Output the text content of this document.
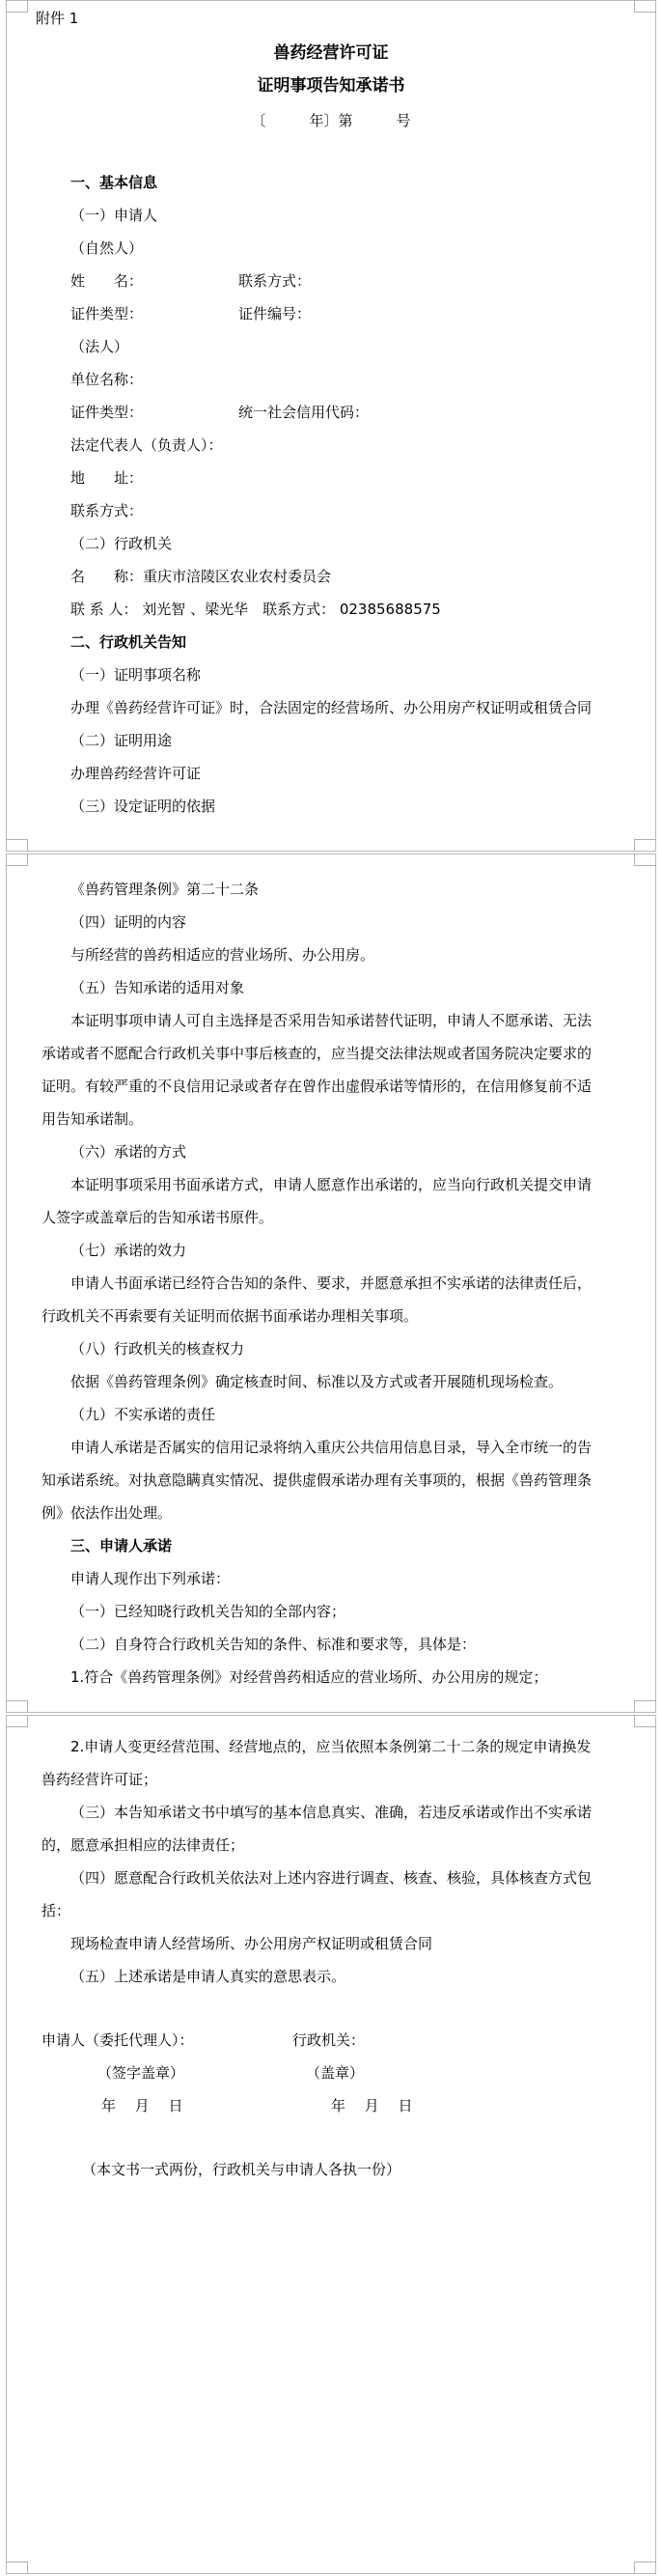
附件 1
兽药经营许可证
证明事项告知承诺书
〔　　　年〕第　　　号
一、基本信息
（一）申请人
（自然人）
姓　　名：	联系方式：
证件类型：	证件编号：
（法人）
单位名称：
证件类型：	统一社会信用代码：
法定代表人（负责人）：
地　　址：
联系方式：
（二）行政机关
名　　称：重庆市涪陵区农业农村委员会
联 系 人： 刘光智 、梁光华　联系方式： 02385688575
二、行政机关告知
（一）证明事项名称
办理《兽药经营许可证》时，合法固定的经营场所、办公用房产权证明或租赁合同
（二）证明用途
办理兽药经营许可证
（三）设定证明的依据
《兽药管理条例》第二十二条
（四）证明的内容
与所经营的兽药相适应的营业场所、办公用房。
（五）告知承诺的适用对象
本证明事项申请人可自主选择是否采用告知承诺替代证明，申请人不愿承诺、无法
承诺或者不愿配合行政机关事中事后核查的，应当提交法律法规或者国务院决定要求的
证明。有较严重的不良信用记录或者存在曾作出虚假承诺等情形的，在信用修复前不适
用告知承诺制。
（六）承诺的方式
本证明事项采用书面承诺方式，申请人愿意作出承诺的，应当向行政机关提交申请
人签字或盖章后的告知承诺书原件。
（七）承诺的效力
申请人书面承诺已经符合告知的条件、要求，并愿意承担不实承诺的法律责任后，
行政机关不再索要有关证明而依据书面承诺办理相关事项。
（八）行政机关的核查权力
依据《兽药管理条例》确定核查时间、标准以及方式或者开展随机现场检查。
（九）不实承诺的责任
申请人承诺是否属实的信用记录将纳入重庆公共信用信息目录，导入全市统一的告
知承诺系统。对执意隐瞒真实情况、提供虚假承诺办理有关事项的，根据《兽药管理条
例》依法作出处理。
三、申请人承诺
申请人现作出下列承诺：
（一）已经知晓行政机关告知的全部内容；
（二）自身符合行政机关告知的条件、标准和要求等，具体是：
1.符合《兽药管理条例》对经营兽药相适应的营业场所、办公用房的规定；
2.申请人变更经营范围、经营地点的，应当依照本条例第二十二条的规定申请换发
兽药经营许可证；
（三）本告知承诺文书中填写的基本信息真实、准确，若违反承诺或作出不实承诺
的，愿意承担相应的法律责任；
（四）愿意配合行政机关依法对上述内容进行调查、核查、核验，具体核查方式包
括：
现场检查申请人经营场所、办公用房产权证明或租赁合同
（五）上述承诺是申请人真实的意思表示。
申请人（委托代理人）：	行政机关：
（签字盖章）	（盖章）
年　 月　 日	年　 月　 日
（本文书一式两份，行政机关与申请人各执一份）
